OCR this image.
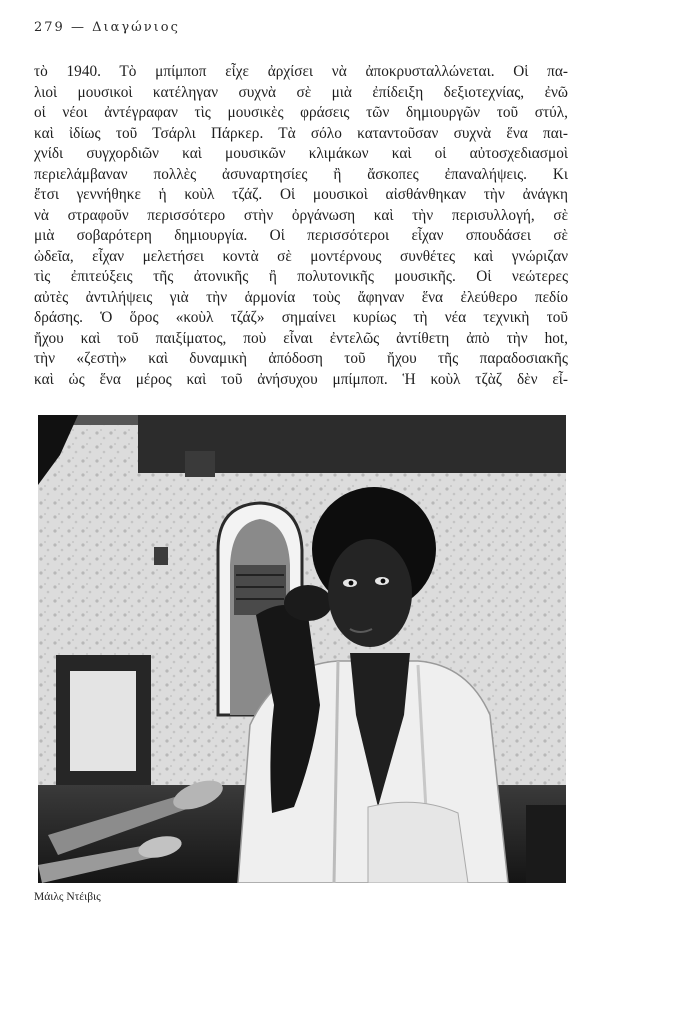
279 — Διαγώνιος
τὸ 1940. Τὸ μπίμποπ εἶχε ἀρχίσει νὰ ἀποκρυσταλλώνεται. Οἱ πα-
λιοὶ μουσικοὶ κατέληγαν συχνὰ σὲ μιὰ ἐπίδειξη δεξιοτεχνίας, ἐνῶ
οἱ νέοι ἀντέγραφαν τὶς μουσικὲς φράσεις τῶν δημιουργῶν τοῦ στύλ,
καὶ ἰδίως τοῦ Τσάρλι Πάρκερ. Τὰ σόλο καταντοῦσαν συχνὰ ἕνα παι-
χνίδι συγχορδιῶν καὶ μουσικῶν κλιμάκων καὶ οἱ αὐτοσχεδιασμοὶ
περιελάμβαναν πολλὲς ἀσυναρτησίες ἢ ἄσκοπες ἐπαναλήψεις. Κι
ἔτσι γεννήθηκε ἡ κοὺλ τζάζ. Οἱ μουσικοὶ αἰσθάνθηκαν τὴν ἀνάγκη
νὰ στραφοῦν περισσότερο στὴν ὀργάνωση καὶ τὴν περισυλλογή, σὲ
μιὰ σοβαρότερη δημιουργία. Οἱ περισσότεροι εἶχαν σπουδάσει σὲ
ὠδεῖα, εἶχαν μελετήσει κοντὰ σὲ μοντέρνους συνθέτες καὶ γνώριζαν
τὶς ἐπιτεύξεις τῆς ἀτονικῆς ἢ πολυτονικῆς μουσικῆς. Οἱ νεώτερες
αὐτὲς ἀντιλήψεις γιὰ τὴν ἁρμονία τοὺς ἄφηναν ἕνα ἐλεύθερο πεδίο
δράσης. Ὁ ὅρος «κοὺλ τζάζ» σημαίνει κυρίως τὴ νέα τεχνικὴ τοῦ
ἤχου καὶ τοῦ παιξίματος, ποὺ εἶναι ἐντελῶς ἀντίθετη ἀπὸ τὴν hot,
τὴν «ζεστὴ» καὶ δυναμικὴ ἀπόδοση τοῦ ἤχου τῆς παραδοσιακῆς
καὶ ὡς ἕνα μέρος καὶ τοῦ ἀνήσυχου μπίμποπ. Ἡ κοὺλ τζὰζ δὲν εἶ-
Μάιλς Ντέιβις
